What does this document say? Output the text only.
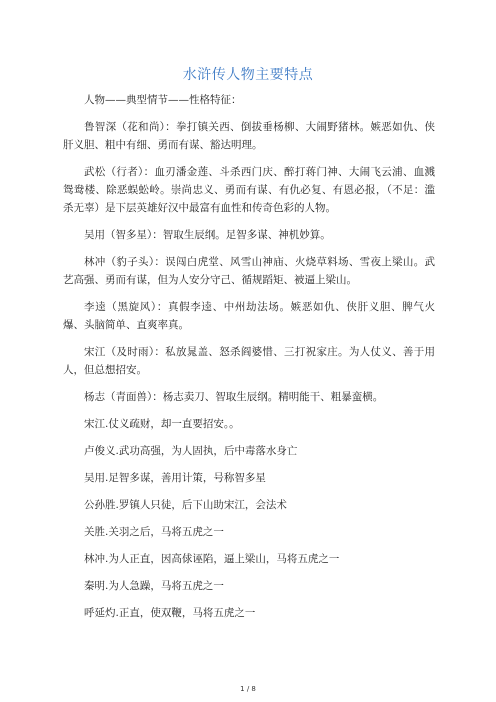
水浒传人物主要特点

人物——典型情节——性格特征：

鲁智深（花和尚）：拳打镇关西、倒拔垂杨柳、大闹野猪林。嫉恶如仇、侠肝义胆、粗中有细、勇而有谋、豁达明理。

武松（行者）：血刃潘金莲、斗杀西门庆、醉打蒋门神、大闹飞云浦、血溅鸳鸯楼、除恶蜈蚣岭。崇尚忠义、勇而有谋、有仇必复、有恩必报，（不足：滥杀无辜）是下层英雄好汉中最富有血性和传奇色彩的人物。

吴用（智多星）：智取生辰纲。足智多谋、神机妙算。

林冲（豹子头）：误闯白虎堂、风雪山神庙、火烧草料场、雪夜上梁山。武艺高强、勇而有谋，但为人安分守己、循规蹈矩、被逼上梁山。

李逵（黑旋风）：真假李逵、中州劫法场。嫉恶如仇、侠肝义胆、脾气火爆、头脑简单、直爽率真。

宋江（及时雨）：私放晁盖、怒杀阎婆惜、三打祝家庄。为人仗义、善于用人，但总想招安。

杨志（青面兽）：杨志卖刀、智取生辰纲。精明能干、粗暴蛮横。

宋江.仗义疏财，却一直要招安。。

卢俊义.武功高强，为人固执，后中毒落水身亡

吴用.足智多谋，善用计策，号称智多星

公孙胜.罗镇人只徒，后下山助宋江，会法术

关胜.关羽之后，马将五虎之一

林冲.为人正直，因高俅诬陷，逼上梁山，马将五虎之一

秦明.为人急躁，马将五虎之一

呼延灼.正直，使双鞭，马将五虎之一

1 / 8
